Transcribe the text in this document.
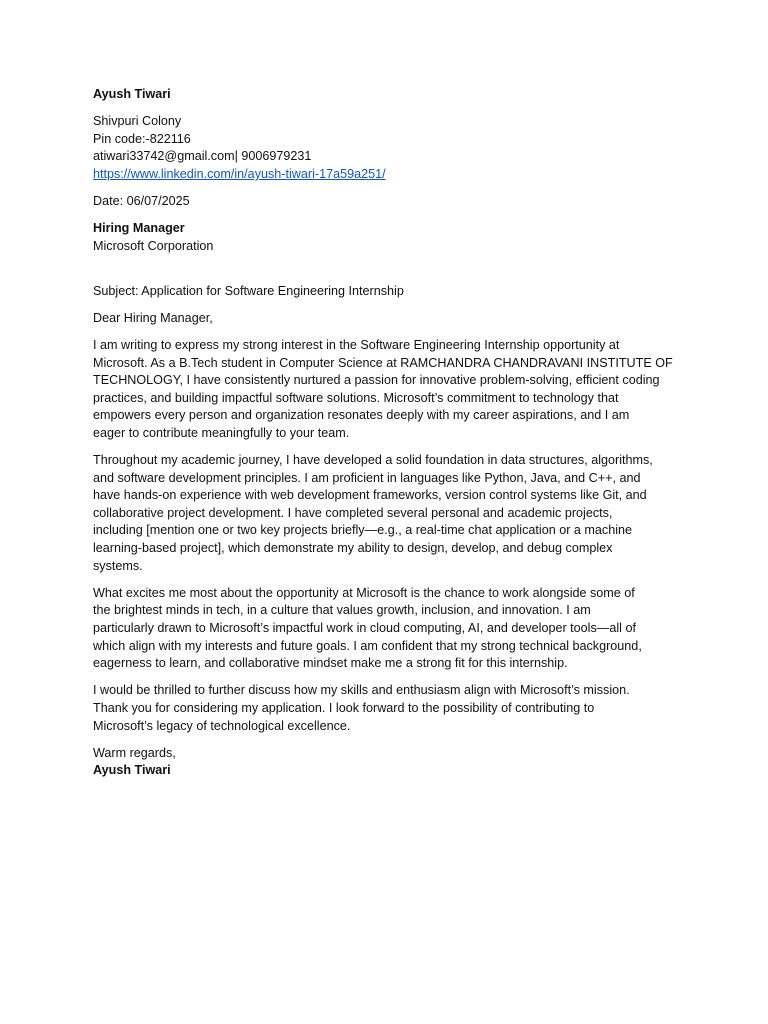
Ayush Tiwari
Shivpuri Colony
Pin code:-822116
atiwari33742@gmail.com| 9006979231
https://www.linkedin.com/in/ayush-tiwari-17a59a251/
Date: 06/07/2025
Hiring Manager
Microsoft Corporation
Subject: Application for Software Engineering Internship
Dear Hiring Manager,
I am writing to express my strong interest in the Software Engineering Internship opportunity at
Microsoft. As a B.Tech student in Computer Science at RAMCHANDRA CHANDRAVANI INSTITUTE OF
TECHNOLOGY, I have consistently nurtured a passion for innovative problem-solving, efficient coding
practices, and building impactful software solutions. Microsoft’s commitment to technology that
empowers every person and organization resonates deeply with my career aspirations, and I am
eager to contribute meaningfully to your team.
Throughout my academic journey, I have developed a solid foundation in data structures, algorithms,
and software development principles. I am proficient in languages like Python, Java, and C++, and
have hands-on experience with web development frameworks, version control systems like Git, and
collaborative project development. I have completed several personal and academic projects,
including [mention one or two key projects briefly—e.g., a real-time chat application or a machine
learning-based project], which demonstrate my ability to design, develop, and debug complex
systems.
What excites me most about the opportunity at Microsoft is the chance to work alongside some of
the brightest minds in tech, in a culture that values growth, inclusion, and innovation. I am
particularly drawn to Microsoft’s impactful work in cloud computing, AI, and developer tools—all of
which align with my interests and future goals. I am confident that my strong technical background,
eagerness to learn, and collaborative mindset make me a strong fit for this internship.
I would be thrilled to further discuss how my skills and enthusiasm align with Microsoft’s mission.
Thank you for considering my application. I look forward to the possibility of contributing to
Microsoft’s legacy of technological excellence.
Warm regards,
Ayush Tiwari
